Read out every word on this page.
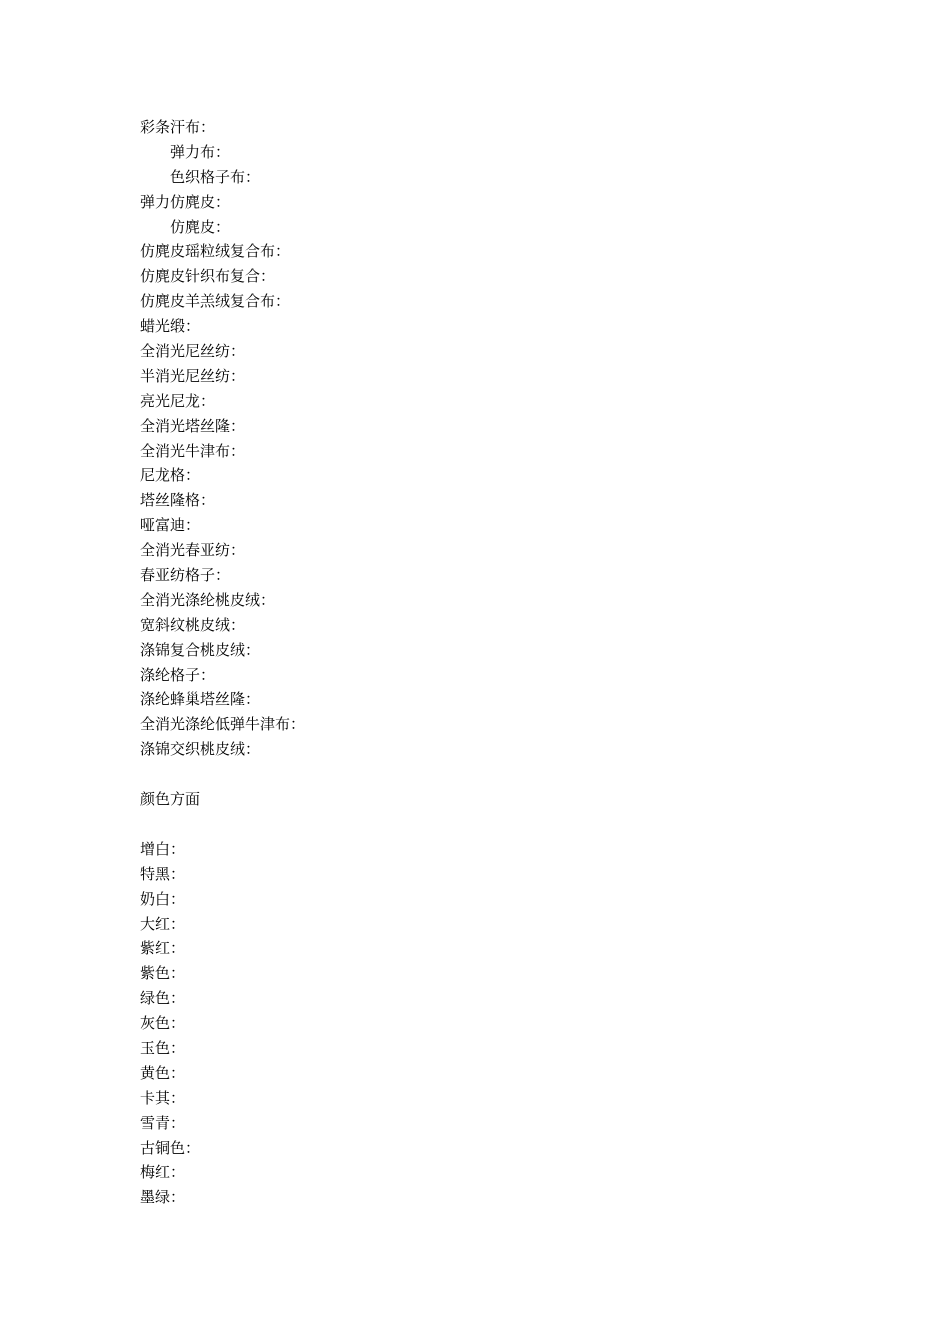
彩条汗布：
弹力布：
色织格子布：
弹力仿麂皮：
仿麂皮：
仿麂皮瑶粒绒复合布：
仿麂皮针织布复合：
仿麂皮羊羔绒复合布：
蜡光缎：
全消光尼丝纺：
半消光尼丝纺：
亮光尼龙：
全消光塔丝隆：
全消光牛津布：
尼龙格：
塔丝隆格：
哑富迪：
全消光春亚纺：
春亚纺格子：
全消光涤纶桃皮绒：
宽斜纹桃皮绒：
涤锦复合桃皮绒：
涤纶格子：
涤纶蜂巢塔丝隆：
全消光涤纶低弹牛津布：
涤锦交织桃皮绒：
颜色方面
增白：
特黑：
奶白：
大红：
紫红：
紫色：
绿色：
灰色：
玉色：
黄色：
卡其：
雪青：
古铜色：
梅红：
墨绿：
